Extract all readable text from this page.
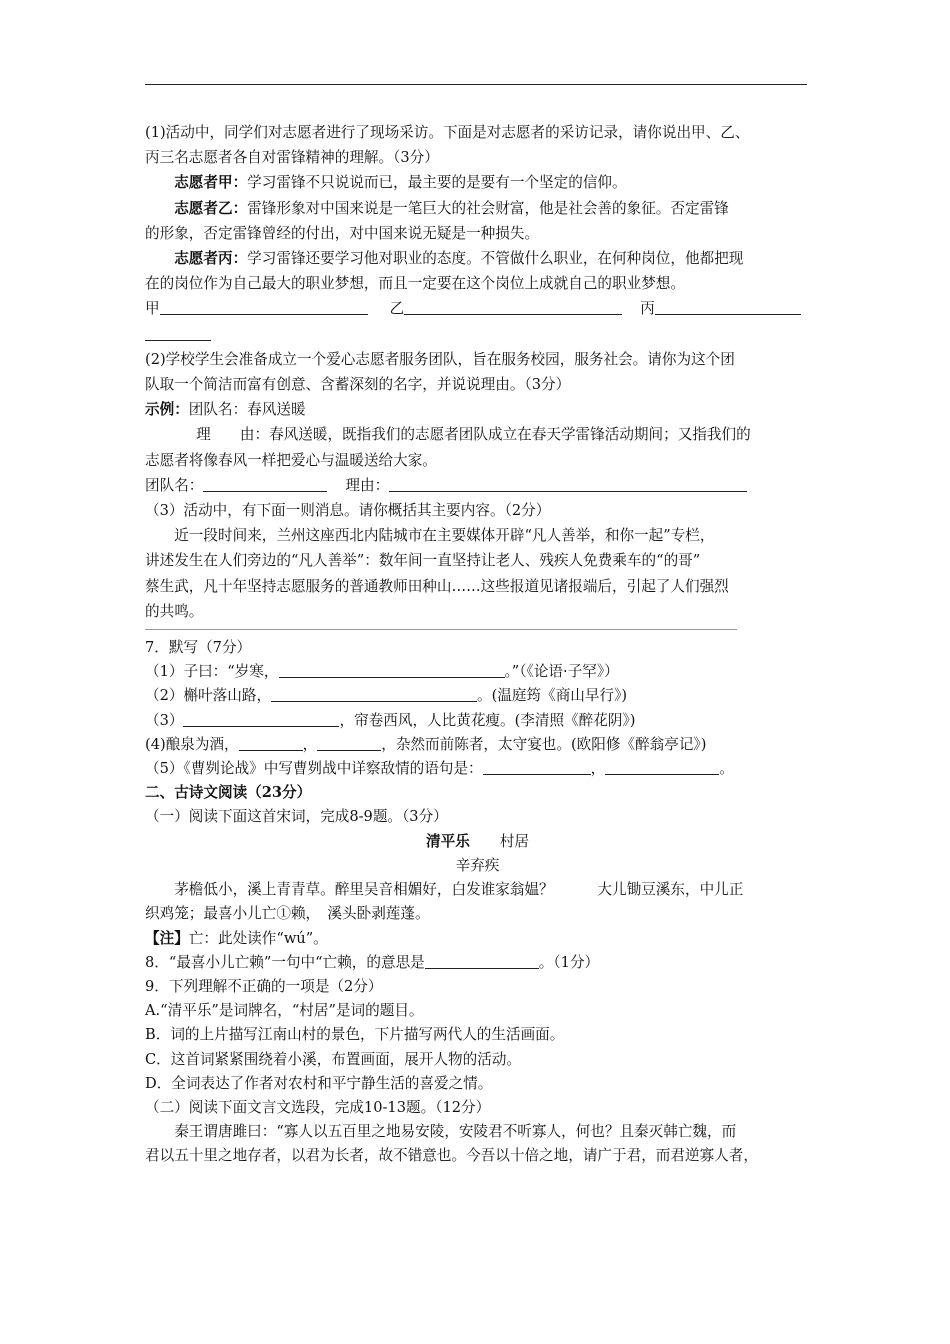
(1)活动中，同学们对志愿者进行了现场采访。下面是对志愿者的采访记录，请你说出甲、乙、

丙三名志愿者各自对雷锋精神的理解。（3分）

志愿者甲：学习雷锋不只说说而已，最主要的是要有一个坚定的信仰。

志愿者乙：雷锋形象对中国来说是一笔巨大的社会财富，他是社会善的象征。否定雷锋

的形象，否定雷锋曾经的付出，对中国来说无疑是一种损失。

志愿者丙：学习雷锋还要学习他对职业的态度。不管做什么职业，在何种岗位，他都把现

在的岗位作为自己最大的职业梦想，而且一定要在这个岗位上成就自己的职业梦想。

甲	乙	丙

(2)学校学生会准备成立一个爱心志愿者服务团队，旨在服务校园，服务社会。请你为这个团

队取一个简洁而富有创意、含蓄深刻的名字，并说说理由。（3分）

示例：团队名：春风送暖

理　　由：春风送暖，既指我们的志愿者团队成立在春天学雷锋活动期间；又指我们的

志愿者将像春风一样把爱心与温暖送给大家。

团队名：	理由：

（3）活动中，有下面一则消息。请你概括其主要内容。（2分）

近一段时间来，兰州这座西北内陆城市在主要媒体开辟“凡人善举，和你一起”专栏，

讲述发生在人们旁边的“凡人善举”：数年间一直坚持让老人、残疾人免费乘车的“的哥”

蔡生武，凡十年坚持志愿服务的普通教师田种山……这些报道见诸报端后，引起了人们强烈

的共鸣。

7．默写（7分）

（1）子曰：“岁寒，	。”（《论语·子罕》）

（2）槲叶落山路，	。(温庭筠《商山早行》)

（3）	，帘卷西风，人比黄花瘦。(李清照《醉花阴》)

(4)酿泉为酒，	，	，杂然而前陈者，太守宴也。(欧阳修《醉翁亭记》)

（5）《曹刿论战》中写曹刿战中详察敌情的语句是：	，	。

二、古诗文阅读（23分）

（一）阅读下面这首宋词，完成8-9题。（3分）

清平乐 村居

辛弃疾

茅檐低小，溪上青青草。醉里吴音相媚好，白发谁家翁媪？　　　大儿锄豆溪东，中儿正

织鸡笼；最喜小儿亡①赖，　溪头卧剥莲蓬。

【注】亡：此处读作“wú”。

8．“最喜小儿亡赖”一句中“亡赖，的意思是	。（1分）

9．下列理解不正确的一项是（2分）

A.“清平乐”是词牌名，“村居”是词的题目。

B．词的上片描写江南山村的景色，下片描写两代人的生活画面。

C．这首词紧紧围绕着小溪，布置画面，展开人物的活动。

D．全词表达了作者对农村和平宁静生活的喜爱之情。

（二）阅读下面文言文选段，完成10-13题。（12分）

秦王谓唐雎曰：“寡人以五百里之地易安陵，安陵君不听寡人，何也？且秦灭韩亡魏，而

君以五十里之地存者，以君为长者，故不错意也。今吾以十倍之地，请广于君，而君逆寡人者，
